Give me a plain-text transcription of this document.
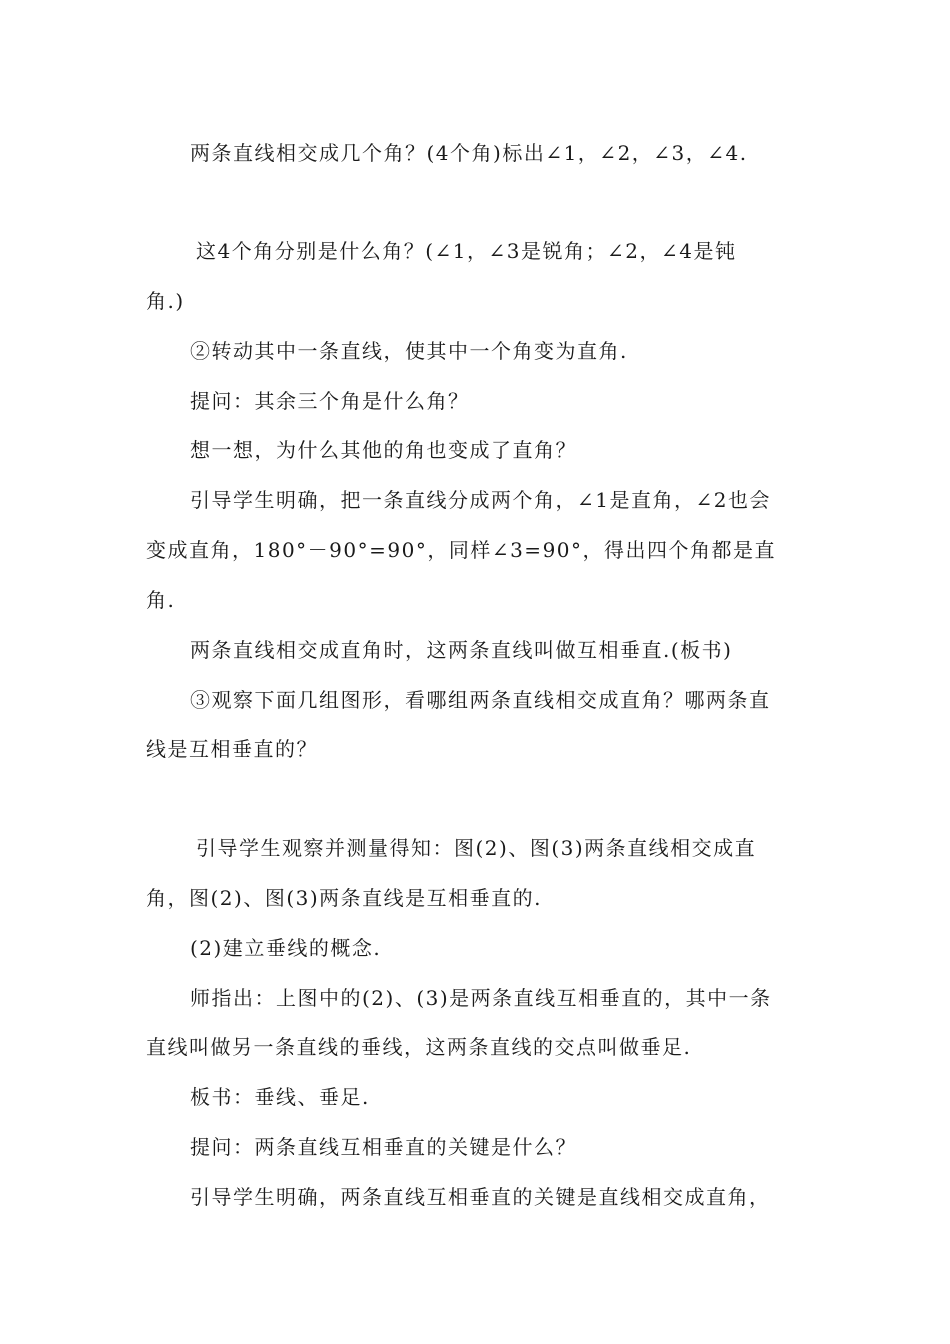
两条直线相交成几个角？(4个角)标出∠1，∠2，∠3，∠4.
这4个角分别是什么角？(∠1，∠3是锐角；∠2，∠4是钝
角.)
②转动其中一条直线，使其中一个角变为直角.
提问：其余三个角是什么角？
想一想，为什么其他的角也变成了直角？
引导学生明确，把一条直线分成两个角，∠1是直角，∠2也会
变成直角，180°－90°=90°，同样∠3=90°，得出四个角都是直
角.
两条直线相交成直角时，这两条直线叫做互相垂直.(板书)
③观察下面几组图形，看哪组两条直线相交成直角？哪两条直
线是互相垂直的？
引导学生观察并测量得知：图(2)、图(3)两条直线相交成直
角，图(2)、图(3)两条直线是互相垂直的.
(2)建立垂线的概念.
师指出：上图中的(2)、(3)是两条直线互相垂直的，其中一条
直线叫做另一条直线的垂线，这两条直线的交点叫做垂足.
板书：垂线、垂足.
提问：两条直线互相垂直的关键是什么？
引导学生明确，两条直线互相垂直的关键是直线相交成直角，
